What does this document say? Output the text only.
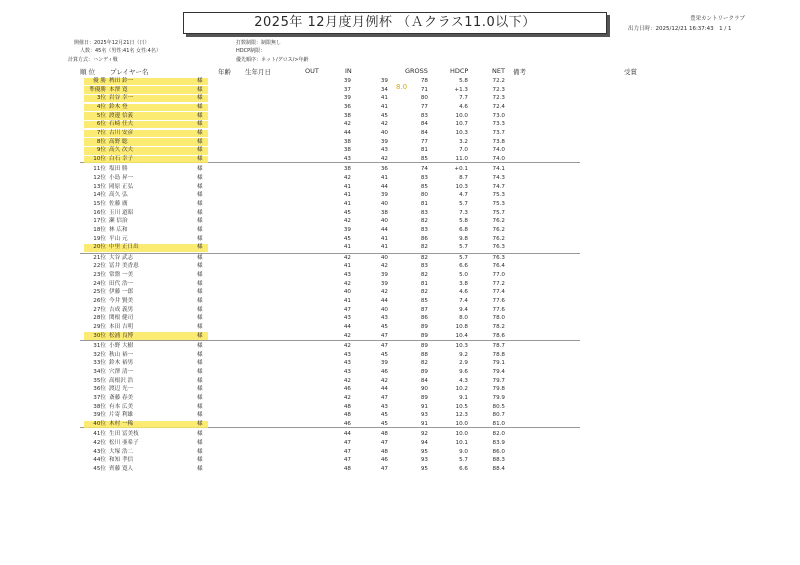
2025年 12月度月例杯 （Ａクラス11.0以下）	豊栄カントリークラブ
出力日時：2025/12/21 16:37:43　1 / 1
開催日：2025年12月21日（日）
人数：45名（男性:41名 女性:4名）
計算方式：ハンディ戦
打数制限：制限無し
HDCP制限：
優先順序：ネット/グロス/>年齢
順 位 プレイヤー名	年齢 生年月日	OUT	IN	GROSS	HDCP	NET 備考	受賞
8.0
優 勝 稗田 鈴一	様	39	39	78	5.8	72.2
準優勝 本澤 寛	様	37	34	71	+1.3	72.3
3位 岩谷 幸一	様	39	41	80	7.7	72.3
4位 鈴木 登	様	36	41	77	4.6	72.4
5位 渡邊 信義	様	38	45	83	10.0	73.0
6位 石崎 任夫	様	42	42	84	10.7	73.3
7位 古川 安彦	様	44	40	84	10.3	73.7
8位 高野 聡	様	38	39	77	3.2	73.8
9位 高久 次夫	様	38	43	81	7.0	74.0
10位 白石 幸子	様	43	42	85	11.0	74.0
11位 塩田 勝	様	38	36	74	+0.1	74.1
12位 小島 昇一	様	42	41	83	8.7	74.3
13位 岡原 正弘	様	41	44	85	10.3	74.7
14位 高久 弘	様	41	39	80	4.7	75.3
15位 佐藤 廣	様	41	40	81	5.7	75.3
16位 玉川 道昭	様	45	38	83	7.3	75.7
17位 瀬 信治	様	42	40	82	5.8	76.2
18位 林 広和	様	39	44	83	6.8	76.2
19位 平山 元	様	45	41	86	9.8	76.2
20位 中里 正日出	様	41	41	82	5.7	76.3
21位 大谷 武志	様	42	40	82	5.7	76.3
22位 冨井 美香恵	様	41	42	83	6.6	76.4
23位 常盤 一美	様	43	39	82	5.0	77.0
24位 田代 浩一	様	42	39	81	3.8	77.2
25位 伊藤 一郎	様	40	42	82	4.6	77.4
26位 今井 賢美	様	41	44	85	7.4	77.6
27位 吉成 義男	様	47	40	87	9.4	77.6
28位 関根 健司	様	43	43	86	8.0	78.0
29位 本田 吉明	様	44	45	89	10.8	78.2
30位 松浦 良博	様	42	47	89	10.4	78.6
31位 小野 大樹	様	42	47	89	10.3	78.7
32位 秋山 裕一	様	43	45	88	9.2	78.8
33位 鈴木 裕男	様	43	39	82	2.9	79.1
34位 穴澤 清一	様	43	46	89	9.6	79.4
35位 高根沢 浩	様	42	42	84	4.3	79.7
36位 渡辺 光一	様	46	44	90	10.2	79.8
37位 斎藤 春美	様	42	47	89	9.1	79.9
38位 有本 広美	様	48	43	91	10.5	80.5
39位 片寄 利雄	様	48	45	93	12.3	80.7
40位 木村 一稀	様	46	45	91	10.0	81.0
41位 生田 冨美枝	様	44	48	92	10.0	82.0
42位 松川 亜希子	様	47	47	94	10.1	83.9
43位 大塚 浩二	様	47	48	95	9.0	86.0
44位 和知 孝信	様	47	46	93	5.7	88.3
45位 齊藤 寛人	様	48	47	95	6.6	88.4
